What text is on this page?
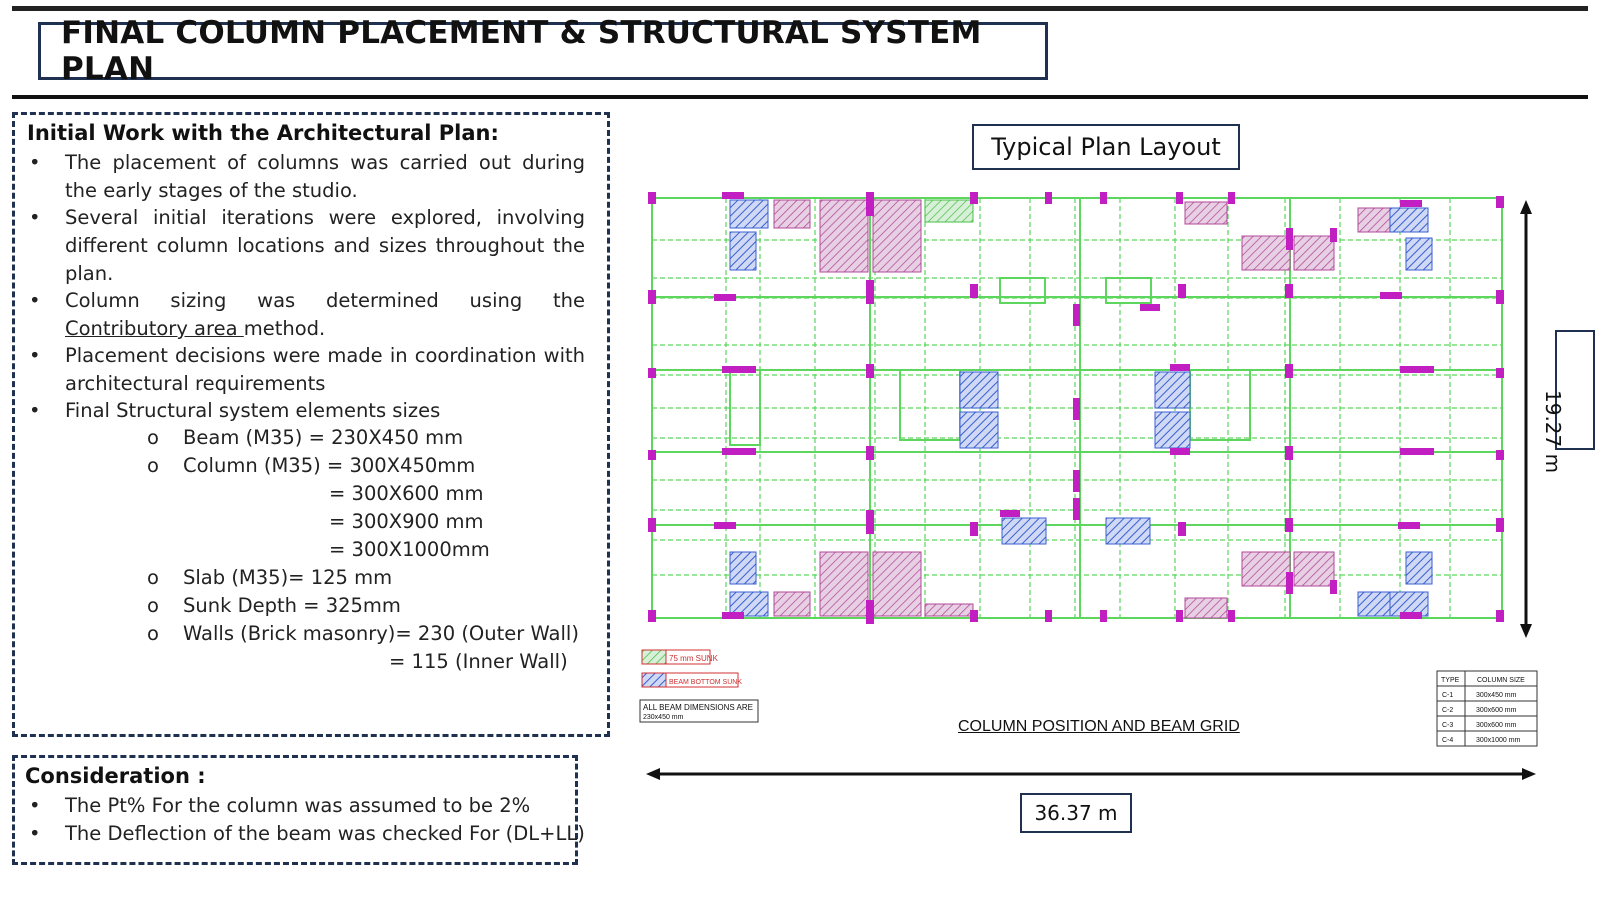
FINAL COLUMN PLACEMENT & STRUCTURAL SYSTEM PLAN
Initial Work with the Architectural Plan:
• The placement of columns was carried out during the early stages of the studio.
• Several initial iterations were explored, involving different column locations and sizes throughout the plan.
• Column sizing was determined using the Contributory area method.
• Placement decisions were made in coordination with architectural requirements
• Final Structural system elements sizes
o Beam (M35) = 230X450 mm
o Column (M35) = 300X450mm
= 300X600 mm
= 300X900 mm
= 300X1000mm
o Slab (M35)= 125 mm
o Sunk Depth = 325mm
o Walls (Brick masonry)= 230 (Outer Wall)
= 115 (Inner Wall)
Consideration :
• The Pt% For the column was assumed to be 2%
• The Deflection of the beam was checked For (DL+LL)
Typical Plan Layout
75 mm SUNK
BEAM BOTTOM SUNK
ALL BEAM DIMENSIONS ARE
230x450 mm
TYPE	COLUMN SIZE
C-1	300x450 mm
C-2	300x600 mm
C-3	300x600 mm
C-4	300x1000 mm
COLUMN POSITION AND BEAM GRID
19.27 m
36.37 m
